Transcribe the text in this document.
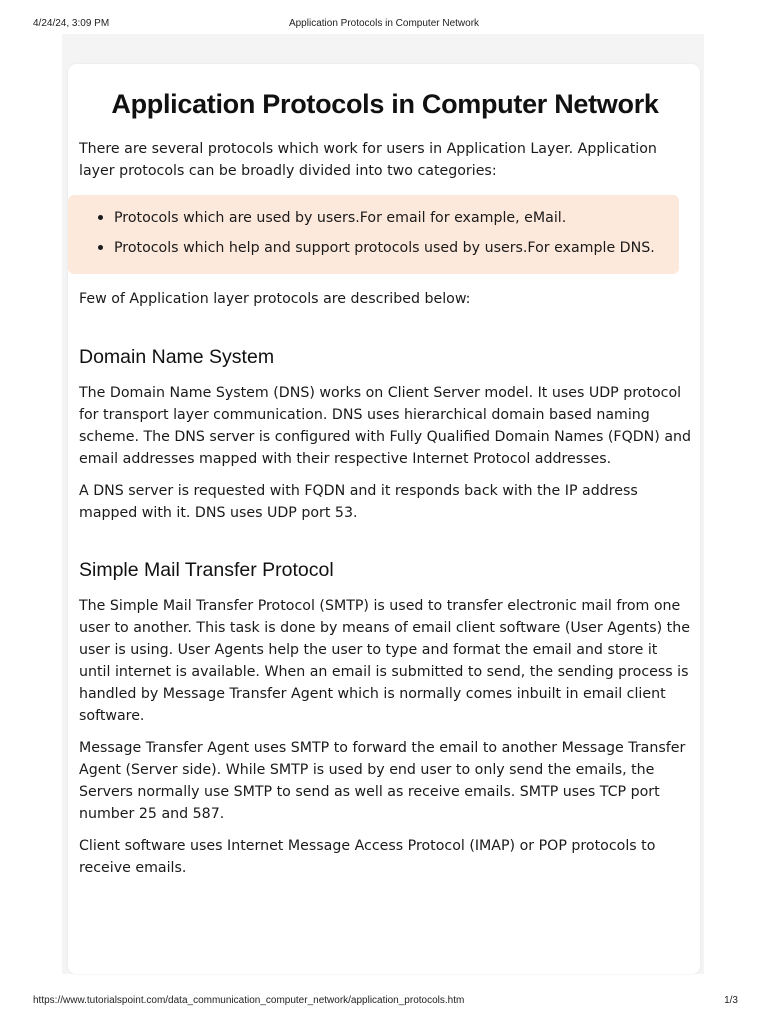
4/24/24, 3:09 PM	Application Protocols in Computer Network
Application Protocols in Computer Network

There are several protocols which work for users in Application Layer. Application layer protocols can be broadly divided into two categories:

• Protocols which are used by users.For email for example, eMail.
• Protocols which help and support protocols used by users.For example DNS.

Few of Application layer protocols are described below:

Domain Name System

The Domain Name System (DNS) works on Client Server model. It uses UDP protocol for transport layer communication. DNS uses hierarchical domain based naming scheme. The DNS server is configured with Fully Qualified Domain Names (FQDN) and email addresses mapped with their respective Internet Protocol addresses.

A DNS server is requested with FQDN and it responds back with the IP address mapped with it. DNS uses UDP port 53.

Simple Mail Transfer Protocol

The Simple Mail Transfer Protocol (SMTP) is used to transfer electronic mail from one user to another. This task is done by means of email client software (User Agents) the user is using. User Agents help the user to type and format the email and store it until internet is available. When an email is submitted to send, the sending process is handled by Message Transfer Agent which is normally comes inbuilt in email client software.

Message Transfer Agent uses SMTP to forward the email to another Message Transfer Agent (Server side). While SMTP is used by end user to only send the emails, the Servers normally use SMTP to send as well as receive emails. SMTP uses TCP port number 25 and 587.

Client software uses Internet Message Access Protocol (IMAP) or POP protocols to receive emails.

https://www.tutorialspoint.com/data_communication_computer_network/application_protocols.htm	1/3
